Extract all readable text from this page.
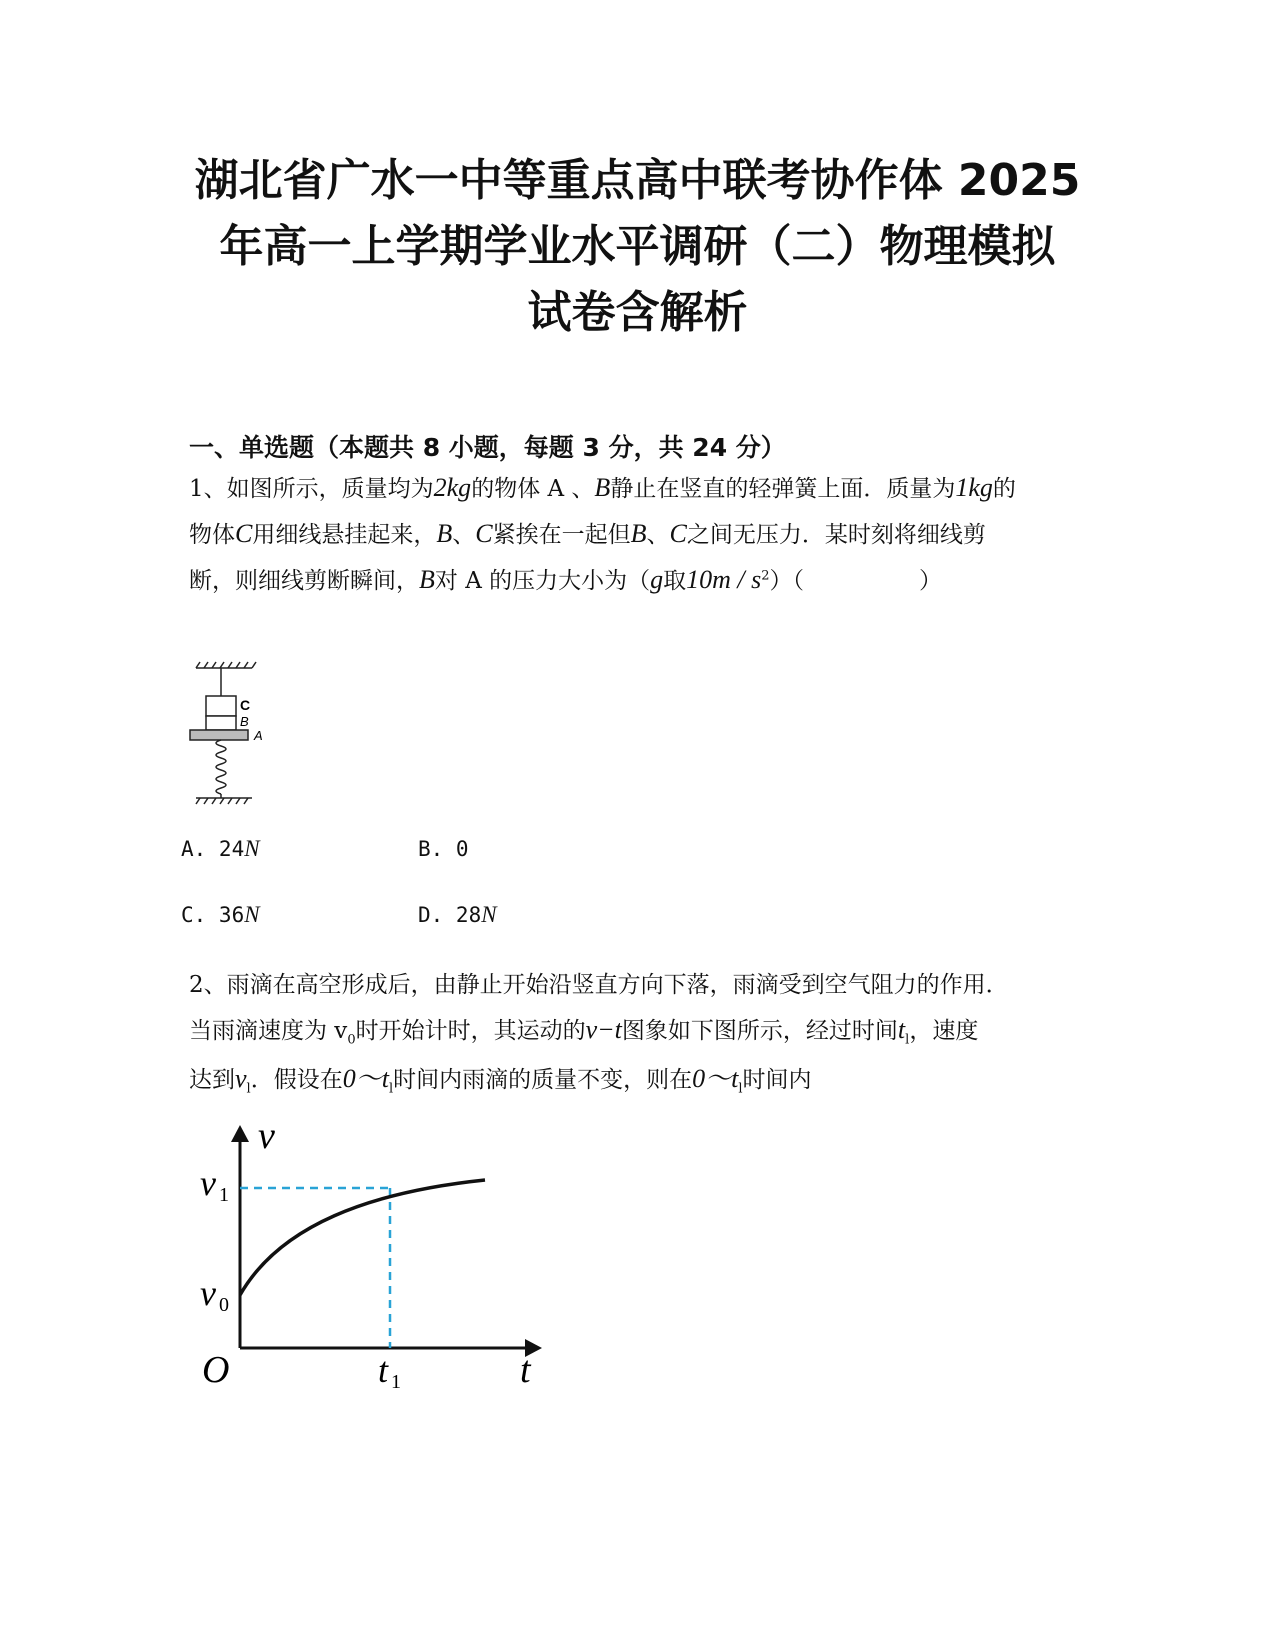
湖北省广水一中等重点高中联考协作体 2025
年高一上学期学业水平调研（二）物理模拟
试卷含解析
一、单选题（本题共 8 小题，每题 3 分，共 24 分）
1、如图所示，质量均为2kg的物体 A 、B静止在竖直的轻弹簧上面．质量为1kg的
物体C用细线悬挂起来，B、C紧挨在一起但B、C之间无压力．某时刻将细线剪
断，则细线剪断瞬间，B对 A 的压力大小为（g取$10m / s^2$）（　　　　　）
C
B
A
A. 24N	B. 0
C. 36N	D. 28N
2、雨滴在高空形成后，由静止开始沿竖直方向下落，雨滴受到空气阻力的作用．
当雨滴速度为 $v_0$时开始计时，其运动的v−t图象如下图所示，经过时间$t_l$，速度
达到$v_l$．假设在$0\sim t_l$时间内雨滴的质量不变，则在$0\sim t_l$时间内
v
v 1
v 0
O	t 1	t
